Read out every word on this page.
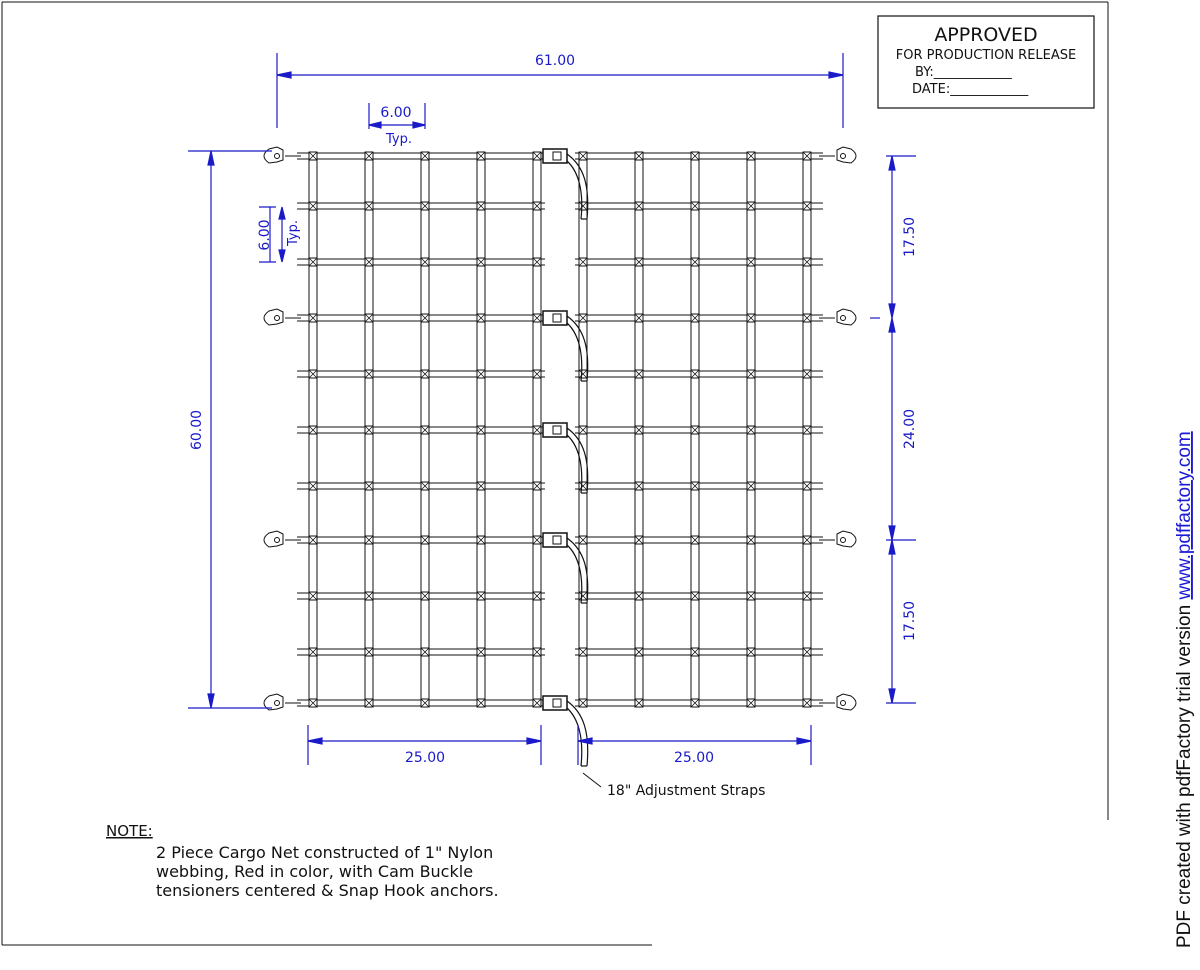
APPROVED
FOR PRODUCTION RELEASE
BY:____________
DATE:____________
61.00
6.00
Typ.
6.00 Typ.
60.00
17.50
24.00
17.50
25.00	25.00
18" Adjustment Straps
NOTE:
2 Piece Cargo Net constructed of 1" Nylon
webbing, Red in color, with Cam Buckle
tensioners centered & Snap Hook anchors.	PDF created with pdfFactory trial version www.pdffactory.com
